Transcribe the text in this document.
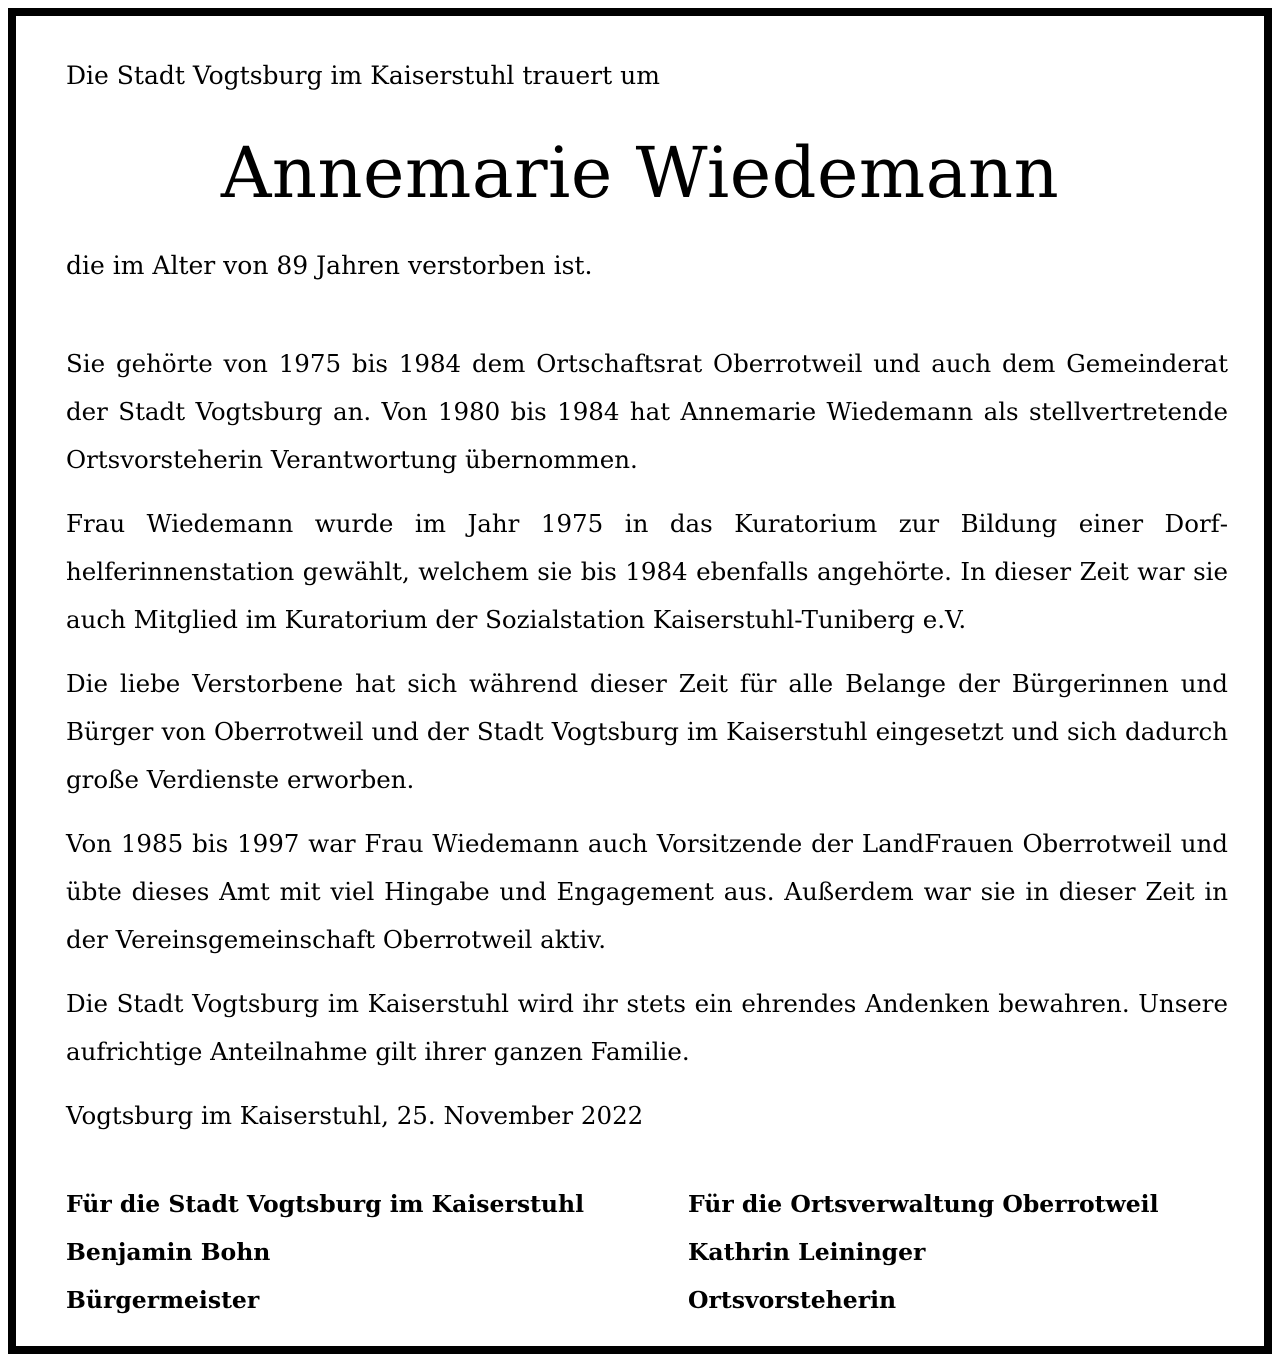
Die Stadt Vogtsburg im Kaiserstuhl trauert um
Annemarie Wiedemann
die im Alter von 89 Jahren verstorben ist.

Sie gehörte von 1975 bis 1984 dem Ortschaftsrat Oberrotweil und auch dem Gemeinderat der Stadt Vogtsburg an. Von 1980 bis 1984 hat Annemarie Wiedemann als stellvertretende Ortsvorsteherin Verantwortung übernommen.

Frau Wiedemann wurde im Jahr 1975 in das Kuratorium zur Bildung einer Dorfhelferinnenstation gewählt, welchem sie bis 1984 ebenfalls angehörte. In dieser Zeit war sie auch Mitglied im Kuratorium der Sozialstation Kaiserstuhl-Tuniberg e.V.

Die liebe Verstorbene hat sich während dieser Zeit für alle Belange der Bürgerinnen und Bürger von Oberrotweil und der Stadt Vogtsburg im Kaiserstuhl eingesetzt und sich dadurch große Verdienste erworben.

Von 1985 bis 1997 war Frau Wiedemann auch Vorsitzende der LandFrauen Oberrotweil und übte dieses Amt mit viel Hingabe und Engagement aus. Außerdem war sie in dieser Zeit in der Vereinsgemeinschaft Oberrotweil aktiv.

Die Stadt Vogtsburg im Kaiserstuhl wird ihr stets ein ehrendes Andenken bewahren. Unsere aufrichtige Anteilnahme gilt ihrer ganzen Familie.

Vogtsburg im Kaiserstuhl, 25. November 2022

Für die Stadt Vogtsburg im Kaiserstuhl
Benjamin Bohn
Bürgermeister
Für die Ortsverwaltung Oberrotweil
Kathrin Leininger
Ortsvorsteherin
